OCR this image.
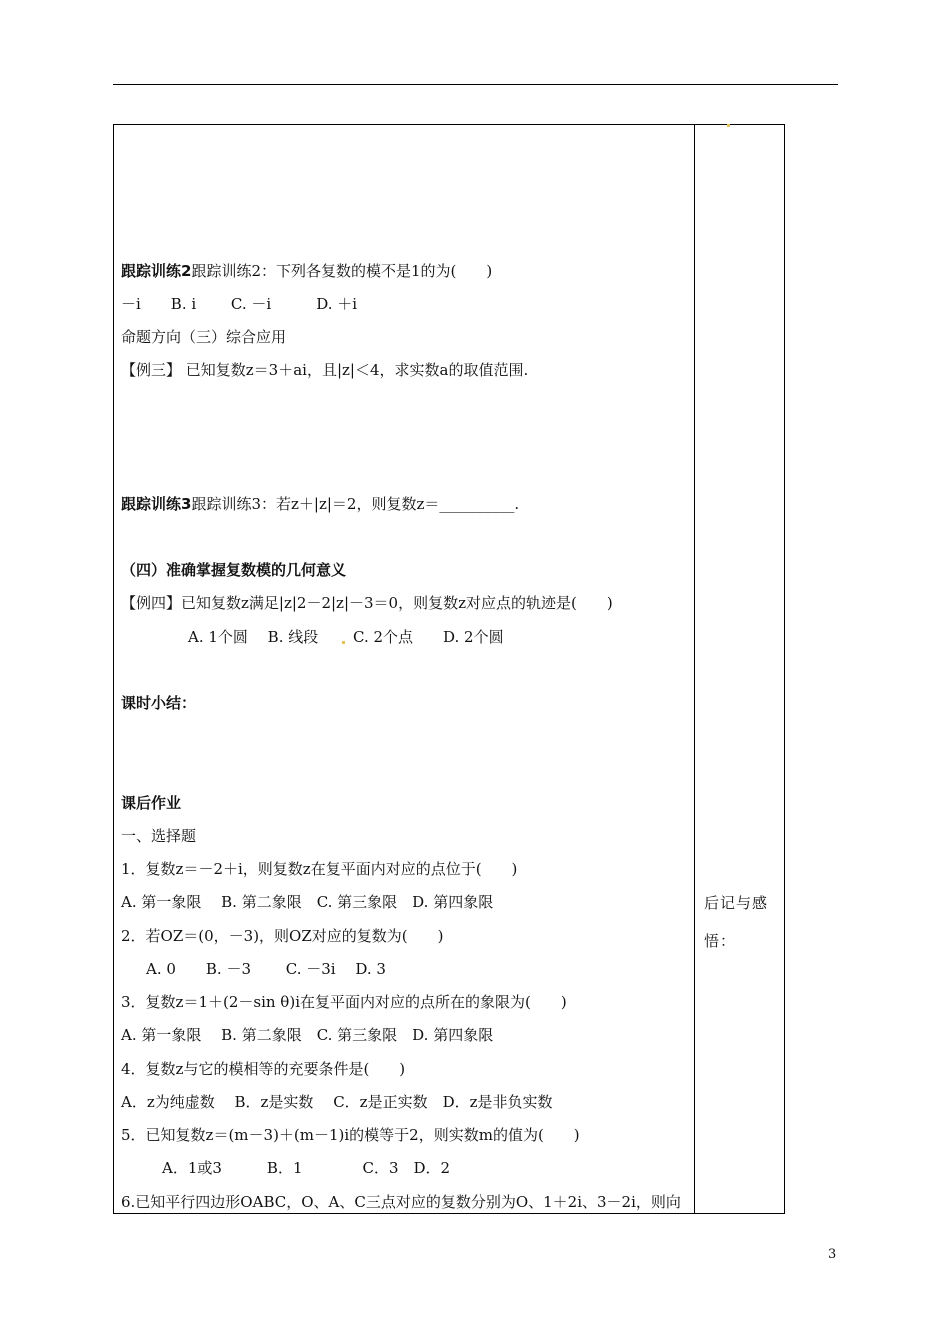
跟踪训练2跟踪训练2：下列各复数的模不是1的为(　　)
－i　　B. i　　 C. －i　　　D. ＋i
命题方向（三）综合应用
【例三】 已知复数z＝3＋ai，且|z|＜4，求实数a的取值范围.
跟踪训练3跟踪训练3：若z＋|z|＝2，则复数z＝__________.
（四）准确掌握复数模的几何意义
【例四】已知复数z满足|z|2－2|z|－3＝0，则复数z对应点的轨迹是(　　)
A. 1个圆　 B. 线段　　 C. 2个点　　D. 2个圆
课时小结：
课后作业
一、选择题
1．复数z＝－2＋i，则复数z在复平面内对应的点位于(　　)
A. 第一象限　 B. 第二象限　C. 第三象限　D. 第四象限
2．若OZ＝(0，－3)，则OZ对应的复数为(　　)
A. 0　　B. －3　　 C. －3i　 D. 3
3．复数z＝1＋(2－sin θ)i在复平面内对应的点所在的象限为(　　)
A. 第一象限　 B. 第二象限　C. 第三象限　D. 第四象限
4．复数z与它的模相等的充要条件是(　　)
A．z为纯虚数　 B．z是实数　 C．z是正实数　D．z是非负实数
5．已知复数z＝(m－3)＋(m－1)i的模等于2，则实数m的值为(　　)
A．1或3　　　B．1　　　　C．3　D．2
6.已知平行四边形OABC，O、A、C三点对应的复数分别为O、1＋2i、3－2i，则向
后记与感
悟：
3
